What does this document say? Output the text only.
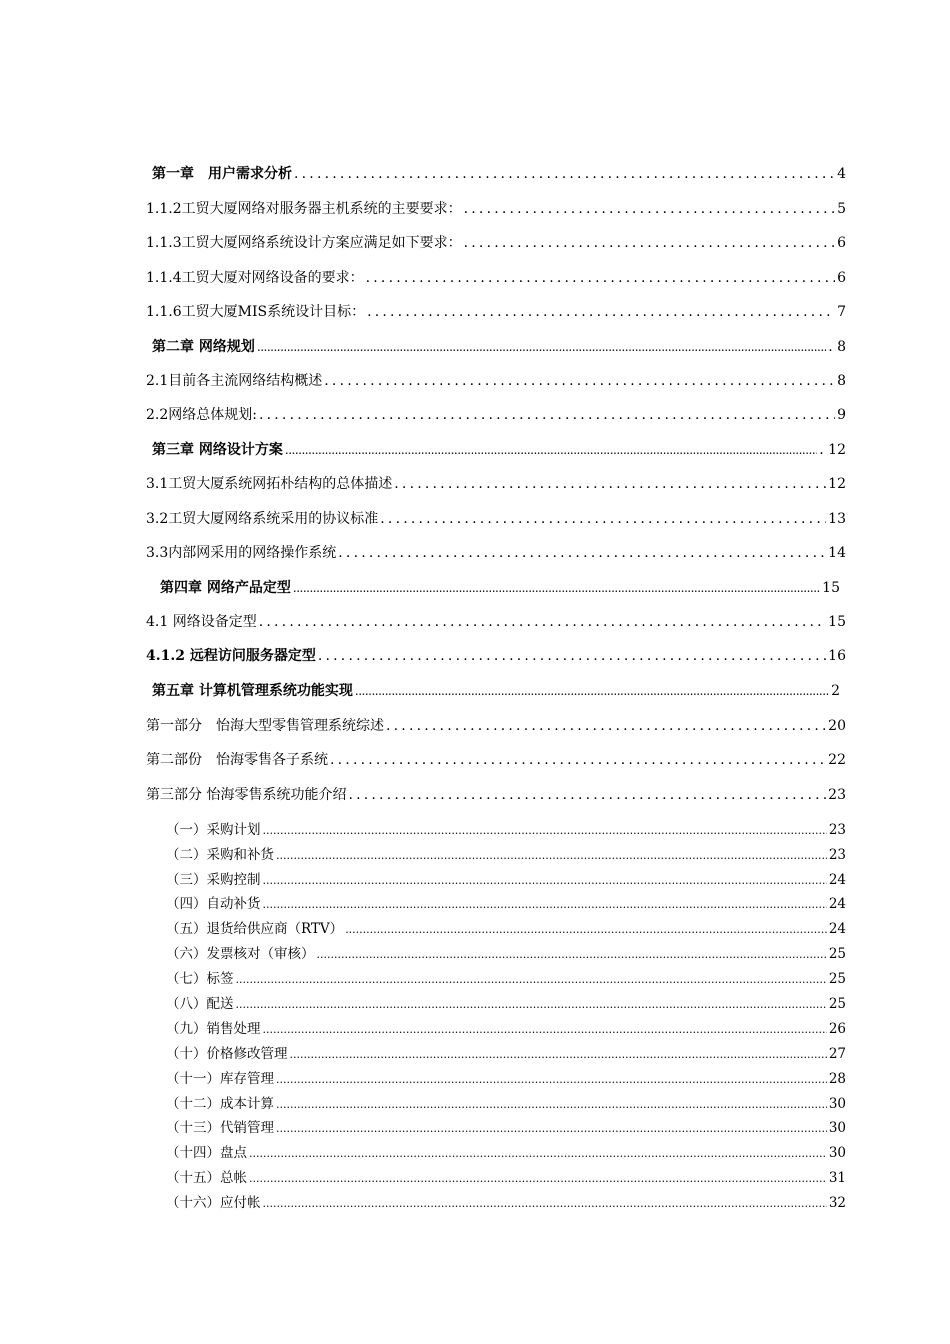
第一章　用户需求分析 .....	4
1.1.2工贸大厦网络对服务器主机系统的主要要求： .....	5
1.1.3工贸大厦网络系统设计方案应满足如下要求： .....	6
1.1.4工贸大厦对网络设备的要求： .....	6
1.1.6工贸大厦MIS系统设计目标： .....	7
第二章 网络规划 .....	. 8
2.1目前各主流网络结构概述 .....	8
2.2网络总体规划: .....	9
第三章 网络设计方案 .....	. 12
3.1工贸大厦系统网拓朴结构的总体描述 .....	12
3.2工贸大厦网络系统采用的协议标准 .....	13
3.3内部网采用的网络操作系统 .....	14
第四章 网络产品定型 .....	15
4.1 网络设备定型 .....	15
4.1.2 远程访问服务器定型 .....	16
第五章 计算机管理系统功能实现 .....	2
第一部分　怡海大型零售管理系统综述 .....	20
第二部份　怡海零售各子系统 .....	22
第三部分 怡海零售系统功能介绍 .....	23
（一）采购计划 .....	23
（二）采购和补货 .....	23
（三）采购控制 .....	24
（四）自动补货 .....	24
（五）退货给供应商（RTV） .....	24
（六）发票核对（审核） .....	25
（七）标签 .....	25
（八）配送 .....	25
（九）销售处理 .....	26
（十）价格修改管理 .....	27
（十一）库存管理 .....	28
（十二）成本计算 .....	30
（十三）代销管理 .....	30
（十四）盘点 .....	30
（十五）总帐 .....	31
（十六）应付帐 .....	32
